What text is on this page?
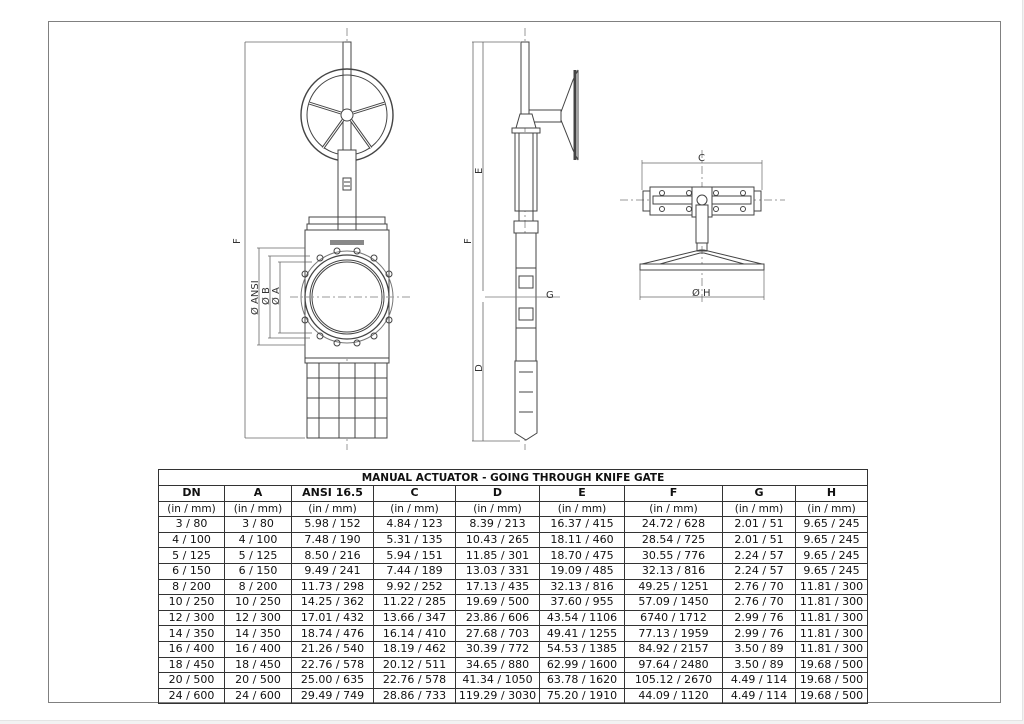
F
Ø ANSI Ø B Ø A
E
F
G
D
C
Ø H
MANUAL ACTUATOR - GOING THROUGH KNIFE GATE								
DN	A	ANSI 16.5	C	D	E	F	G	H
(in / mm)	(in / mm)	(in / mm)	(in / mm)	(in / mm)	(in / mm)	(in / mm)	(in / mm)	(in / mm)
3 / 80	3 / 80	5.98 / 152	4.84 / 123	8.39 / 213	16.37 / 415	24.72 / 628	2.01 / 51	9.65 / 245
4 / 100	4 / 100	7.48 / 190	5.31 / 135	10.43 / 265	18.11 / 460	28.54 / 725	2.01 / 51	9.65 / 245
5 / 125	5 / 125	8.50 / 216	5.94 / 151	11.85 / 301	18.70 / 475	30.55 / 776	2.24 / 57	9.65 / 245
6 / 150	6 / 150	9.49 / 241	7.44 / 189	13.03 / 331	19.09 / 485	32.13 / 816	2.24 / 57	9.65 / 245
8 / 200	8 / 200	11.73 / 298	9.92 / 252	17.13 / 435	32.13 / 816	49.25 / 1251	2.76 / 70	11.81 / 300
10 / 250	10 / 250	14.25 / 362	11.22 / 285	19.69 / 500	37.60 / 955	57.09 / 1450	2.76 / 70	11.81 / 300
12 / 300	12 / 300	17.01 / 432	13.66 / 347	23.86 / 606	43.54 / 1106	6740 / 1712	2.99 / 76	11.81 / 300
14 / 350	14 / 350	18.74 / 476	16.14 / 410	27.68 / 703	49.41 / 1255	77.13 / 1959	2.99 / 76	11.81 / 300
16 / 400	16 / 400	21.26 / 540	18.19 / 462	30.39 / 772	54.53 / 1385	84.92 / 2157	3.50 / 89	11.81 / 300
18 / 450	18 / 450	22.76 / 578	20.12 / 511	34.65 / 880	62.99 / 1600	97.64 / 2480	3.50 / 89	19.68 / 500
20 / 500	20 / 500	25.00 / 635	22.76 / 578	41.34 / 1050	63.78 / 1620	105.12 / 2670	4.49 / 114	19.68 / 500
24 / 600	24 / 600	29.49 / 749	28.86 / 733	119.29 / 3030	75.20 / 1910	44.09 / 1120	4.49 / 114	19.68 / 500
